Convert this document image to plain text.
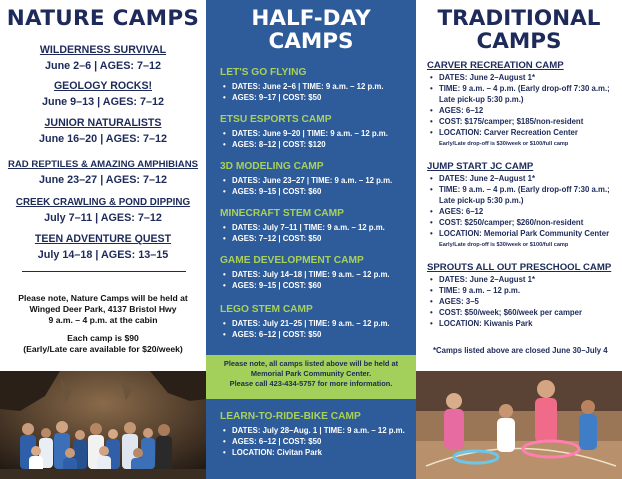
NATURE CAMPS
WILDERNESS SURVIVAL
June 2–6 | AGES: 7–12
GEOLOGY ROCKS!
June 9–13 | AGES: 7–12
JUNIOR NATURALISTS
June 16–20 | AGES: 7–12
RAD REPTILES & AMAZING AMPHIBIANS
June 23–27 | AGES: 7–12
CREEK CRAWLING & POND DIPPING
July 7–11 | AGES: 7–12
TEEN ADVENTURE QUEST
July 14–18 | AGES: 13–15
Please note, Nature Camps will be held at
Winged Deer Park, 4137 Bristol Hwy
9 a.m. – 4 p.m. at the cabin
Each camp is $90
(Early/Late care available for $20/week)
HALF-DAY
CAMPS
LET'S GO FLYING
• DATES: June 2–6 | TIME: 9 a.m. – 12 p.m.
• AGES: 9–17 | COST: $50
ETSU ESPORTS CAMP
• DATES: June 9–20 | TIME: 9 a.m. – 12 p.m.
• AGES: 8–12 | COST: $120
3D MODELING CAMP
• DATES: June 23–27 | TIME: 9 a.m. – 12 p.m.
• AGES: 9–15 | COST: $60
MINECRAFT STEM CAMP
• DATES: July 7–11 | TIME: 9 a.m. – 12 p.m.
• AGES: 7–12 | COST: $50
GAME DEVELOPMENT CAMP
• DATES: July 14–18 | TIME: 9 a.m. – 12 p.m.
• AGES: 9–15 | COST: $60
LEGO STEM CAMP
• DATES: July 21–25 | TIME: 9 a.m. – 12 p.m.
• AGES: 6–12 | COST: $50
Please note, all camps listed above will be held at
Memorial Park Community Center.
Please call 423-434-5757 for more information.
LEARN-TO-RIDE-BIKE CAMP
• DATES: July 28–Aug. 1 | TIME: 9 a.m. – 12 p.m.
• AGES: 6–12 | COST: $50
• LOCATION: Civitan Park
TRADITIONAL
CAMPS
CARVER RECREATION CAMP
• DATES: June 2–August 1*
• TIME: 9 a.m. – 4 p.m. (Early drop-off 7:30 a.m.; Late pick-up 5:30 p.m.)
• AGES: 6–12
• COST: $175/camper; $185/non-resident
• LOCATION: Carver Recreation Center
Early/Late drop-off is $30/week or $100/full camp
JUMP START JC CAMP
• DATES: June 2–August 1*
• TIME: 9 a.m. – 4 p.m. (Early drop-off 7:30 a.m.; Late pick-up 5:30 p.m.)
• AGES: 6–12
• COST: $250/camper; $260/non-resident
• LOCATION: Memorial Park Community Center
Early/Late drop-off is $30/week or $100/full camp
SPROUTS ALL OUT PRESCHOOL CAMP
• DATES: June 2–August 1*
• TIME: 9 a.m. – 12 p.m.
• AGES: 3–5
• COST: $50/week; $60/week per camper
• LOCATION: Kiwanis Park
*Camps listed above are closed June 30–July 4
